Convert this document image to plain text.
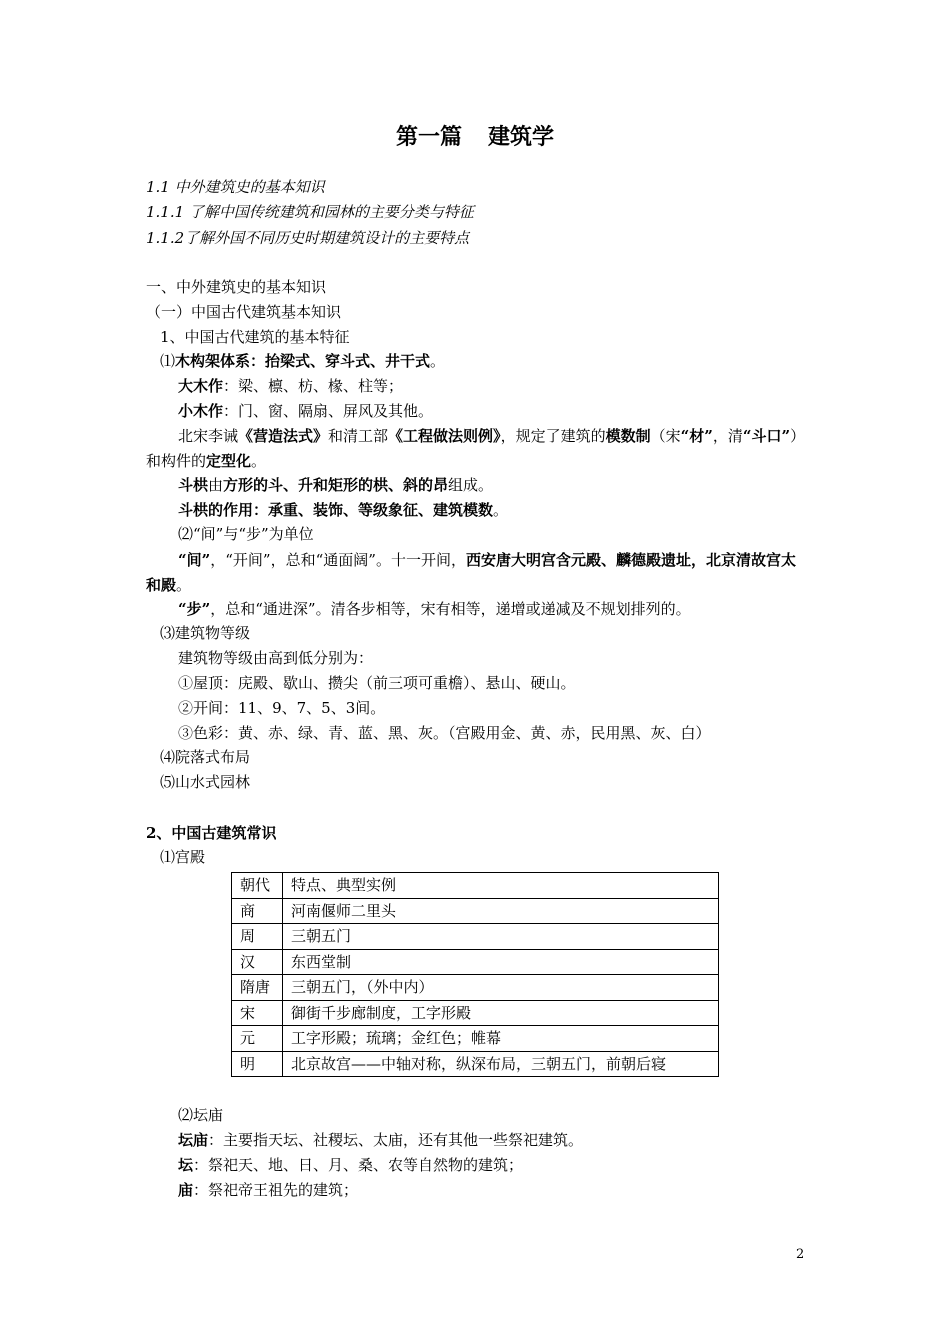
第一篇 建筑学
1.1 中外建筑史的基本知识
1.1.1 了解中国传统建筑和园林的主要分类与特征
1.1.2了解外国不同历史时期建筑设计的主要特点
一、中外建筑史的基本知识
（一）中国古代建筑基本知识
1、中国古代建筑的基本特征
⑴木构架体系：抬梁式、穿斗式、井干式。
大木作：梁、檩、枋、椽、柱等；
小木作：门、窗、隔扇、屏风及其他。
北宋李诫《营造法式》和清工部《工程做法则例》，规定了建筑的模数制（宋“材”，清“斗口”）和构件的定型化。
斗栱由方形的斗、升和矩形的栱、斜的昂组成。
斗栱的作用：承重、装饰、等级象征、建筑模数。
⑵“间”与“步”为单位
“间”，“开间”，总和“通面阔”。十一开间，西安唐大明宫含元殿、麟德殿遗址，北京清故宫太和殿。
“步”，总和“通进深”。清各步相等，宋有相等，递增或递减及不规划排列的。
⑶建筑物等级
建筑物等级由高到低分别为：
①屋顶：庑殿、歇山、攒尖（前三项可重檐）、悬山、硬山。
②开间：11、9、7、5、3间。
③色彩：黄、赤、绿、青、蓝、黑、灰。（宫殿用金、黄、赤，民用黑、灰、白）
⑷院落式布局
⑸山水式园林
2、中国古建筑常识
⑴宫殿
朝代	特点、典型实例
商	河南偃师二里头
周	三朝五门
汉	东西堂制
隋唐	三朝五门，（外中内）
宋	御街千步廊制度，工字形殿
元	工字形殿；琉璃；金红色；帷幕
明	北京故宫——中轴对称，纵深布局，三朝五门，前朝后寝
⑵坛庙
坛庙：主要指天坛、社稷坛、太庙，还有其他一些祭祀建筑。
坛：祭祀天、地、日、月、桑、农等自然物的建筑；
庙：祭祀帝王祖先的建筑；
2
